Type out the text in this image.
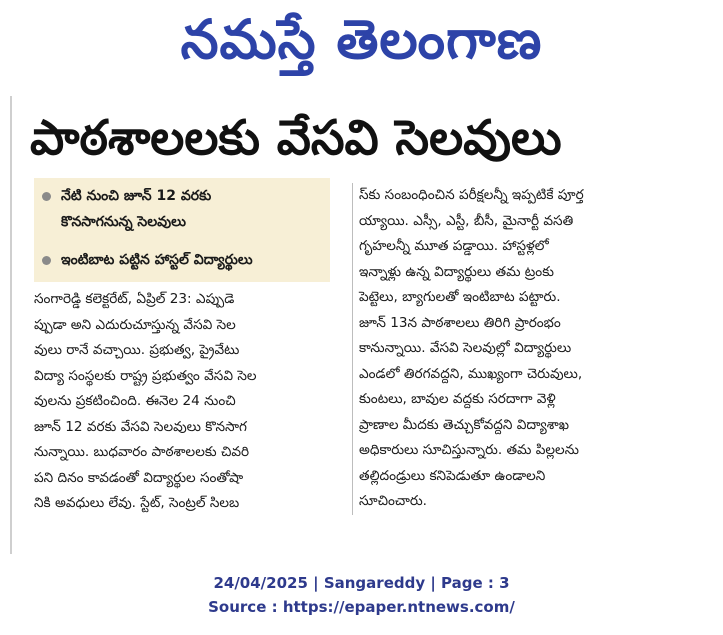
నమస్తే తెలంగాణ
పాఠశాలలకు వేసవి సెలవులు
నేటి నుంచి జూన్ 12 వరకు
కొనసాగనున్న సెలవులు
ఇంటిబాట పట్టిన హాస్టల్ విద్యార్థులు
సంగారెడ్డి కలెక్టరేట్, ఏప్రిల్ 23: ఎప్పుడె
ప్పుడా అని ఎదురుచూస్తున్న వేసవి సెల
వులు రానే వచ్చాయి. ప్రభుత్వ, ప్రైవేటు
విద్యా సంస్థలకు రాష్ట్ర ప్రభుత్వం వేసవి సెల
వులను ప్రకటించింది. ఈనెల 24 నుంచి
జూన్ 12 వరకు వేసవి సెలవులు కొనసాగ
నున్నాయి. బుధవారం పాఠశాలలకు చివరి
పని దినం కావడంతో విద్యార్థుల సంతోషా
నికి అవధులు లేవు. స్టేట్, సెంట్రల్ సిలబ
స్‌కు సంబంధించిన పరీక్షలన్నీ ఇప్పటికే పూర్త
య్యాయి. ఎస్సీ, ఎస్టీ, బీసీ, మైనార్టీ వసతి
గృహలన్నీ మూత పడ్డాయి. హాస్టళ్లలో
ఇన్నాళ్లు ఉన్న విద్యార్థులు తమ ట్రంకు
పెట్టెలు, బ్యాగులతో ఇంటిబాట పట్టారు.
జూన్ 13న పాఠశాలలు తిరిగి ప్రారంభం
కానున్నాయి. వేసవి సెలవుల్లో విద్యార్థులు
ఎండలో తిరగవద్దని, ముఖ్యంగా చెరువులు,
కుంటలు, బావుల వద్దకు సరదాగా వెళ్లి
ప్రాణాల మీదకు తెచ్చుకోవద్దని విద్యాశాఖ
అధికారులు సూచిస్తున్నారు. తమ పిల్లలను
తల్లిదండ్రులు కనిపెడుతూ ఉండాలని
సూచించారు.
24/04/2025 | Sangareddy | Page : 3
Source : https://epaper.ntnews.com/
